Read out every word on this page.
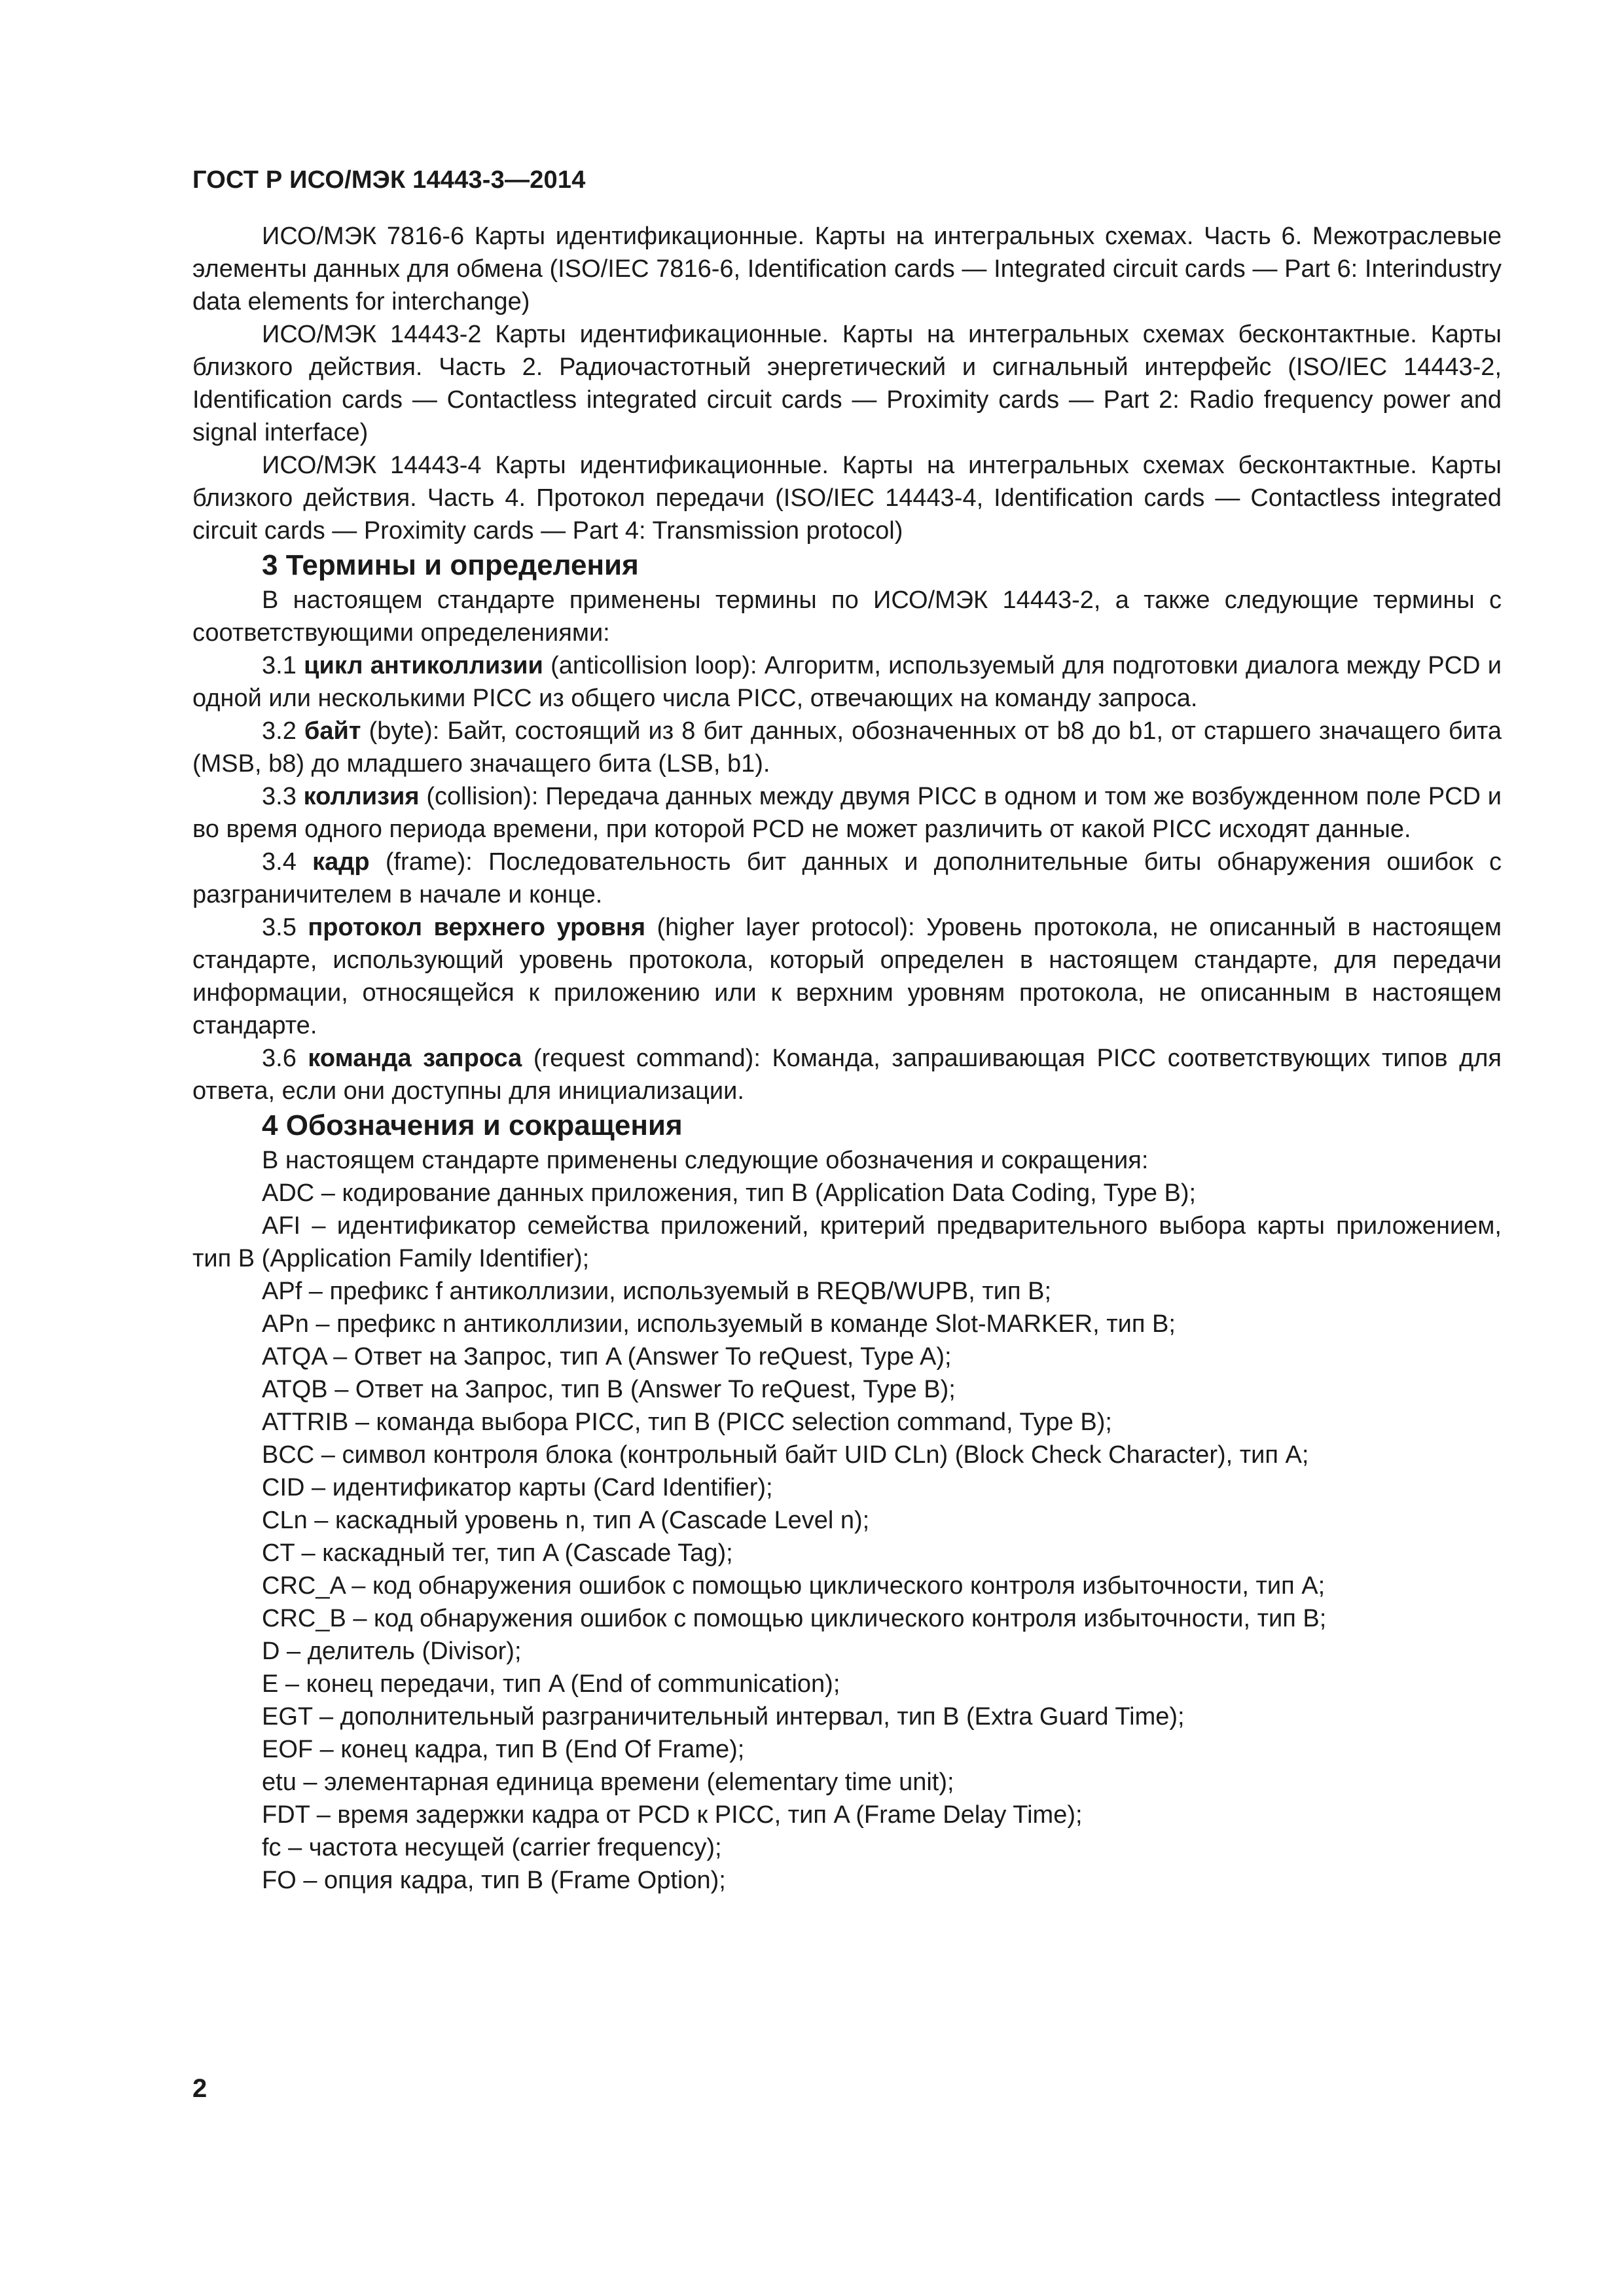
ГОСТ Р ИСО/МЭК 14443-3—2014

ИСО/МЭК 7816-6 Карты идентификационные. Карты на интегральных схемах. Часть 6. Межотраслевые элементы данных для обмена (ISO/IEC 7816-6, Identification cards — Integrated circuit cards — Part 6: Interindustry data elements for interchange)

ИСО/МЭК 14443-2 Карты идентификационные. Карты на интегральных схемах бесконтактные. Карты близкого действия. Часть 2. Радиочастотный энергетический и сигнальный интерфейс (ISO/IEC 14443-2, Identification cards — Contactless integrated circuit cards — Proximity cards — Part 2: Radio frequency power and signal interface)

ИСО/МЭК 14443-4 Карты идентификационные. Карты на интегральных схемах бесконтактные. Карты близкого действия. Часть 4. Протокол передачи (ISO/IEC 14443-4, Identification cards — Contactless integrated circuit cards — Proximity cards — Part 4: Transmission protocol)

3 Термины и определения

В настоящем стандарте применены термины по ИСО/МЭК 14443-2, а также следующие термины с соответствующими определениями:

3.1 цикл антиколлизии (anticollision loop): Алгоритм, используемый для подготовки диалога между PCD и одной или несколькими PICC из общего числа PICC, отвечающих на команду запроса.

3.2 байт (byte): Байт, состоящий из 8 бит данных, обозначенных от b8 до b1, от старшего значащего бита (MSB, b8) до младшего значащего бита (LSB, b1).

3.3 коллизия (collision): Передача данных между двумя PICC в одном и том же возбужденном поле PCD и во время одного периода времени, при которой PCD не может различить от какой PICC исходят данные.

3.4 кадр (frame): Последовательность бит данных и дополнительные биты обнаружения ошибок с разграничителем в начале и конце.

3.5 протокол верхнего уровня (higher layer protocol): Уровень протокола, не описанный в настоящем стандарте, использующий уровень протокола, который определен в настоящем стандарте, для передачи информации, относящейся к приложению или к верхним уровням протокола, не описанным в настоящем стандарте.

3.6 команда запроса (request command): Команда, запрашивающая PICC соответствующих типов для ответа, если они доступны для инициализации.

4 Обозначения и сокращения

В настоящем стандарте применены следующие обозначения и сокращения:

ADC – кодирование данных приложения, тип B (Application Data Coding, Type B);

AFI – идентификатор семейства приложений, критерий предварительного выбора карты приложением, тип B (Application Family Identifier);

APf – префикс f антиколлизии, используемый в REQB/WUPB, тип B;

APn – префикс n антиколлизии, используемый в команде Slot-MARKER, тип B;

ATQA – Ответ на Запрос, тип A (Answer To reQuest, Type A);

ATQB – Ответ на Запрос, тип B (Answer To reQuest, Type B);

ATTRIB – команда выбора PICC, тип B (PICC selection command, Type B);

BCC – символ контроля блока (контрольный байт UID CLn) (Block Check Character), тип A;

CID – идентификатор карты (Card Identifier);

CLn – каскадный уровень n, тип A (Cascade Level n);

CT – каскадный тег, тип A (Cascade Tag);

CRC_A – код обнаружения ошибок с помощью циклического контроля избыточности, тип A;

CRC_B – код обнаружения ошибок с помощью циклического контроля избыточности, тип B;

D – делитель (Divisor);

E – конец передачи, тип A (End of communication);

EGT – дополнительный разграничительный интервал, тип B (Extra Guard Time);

EOF – конец кадра, тип B (End Of Frame);

etu – элементарная единица времени (elementary time unit);

FDT – время задержки кадра от PCD к PICC, тип A (Frame Delay Time);

fc – частота несущей (carrier frequency);

FO – опция кадра, тип B (Frame Option);

2
